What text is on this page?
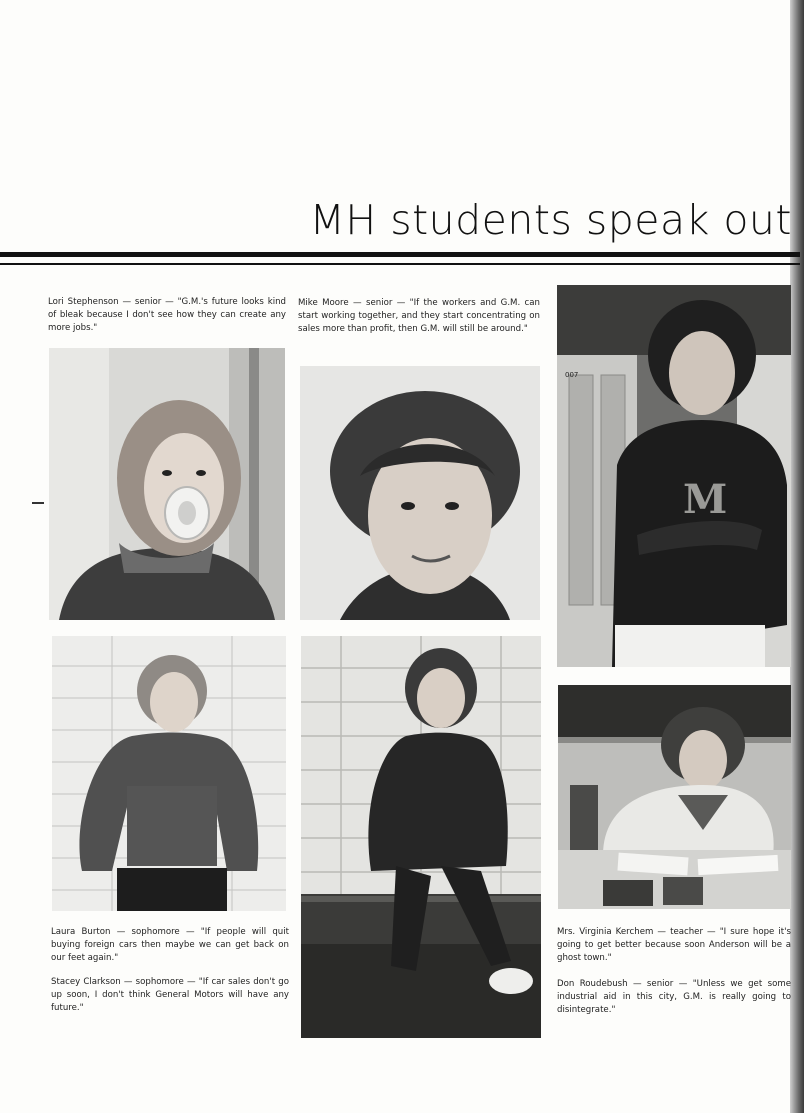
MH students speak out

Lori Stephenson — senior — "G.M.'s future looks kind of bleak because I don't see how they can create any more jobs."

Mike Moore — senior — "If the workers and G.M. can start working together, and they start concentrating on sales more than profit, then G.M. will still be around."

Laura Burton — sophomore — "If people will quit buying foreign cars then maybe we can get back on our feet again."

Stacey Clarkson — sophomore — "If car sales don't go up soon, I don't think General Motors will have any future."

Mrs. Virginia Kerchem — teacher — "I sure hope it's going to get better because soon Anderson will be a ghost town."

Don Roudebush — senior — "Unless we get some industrial aid in this city, G.M. is really going to disintegrate."

007
M
